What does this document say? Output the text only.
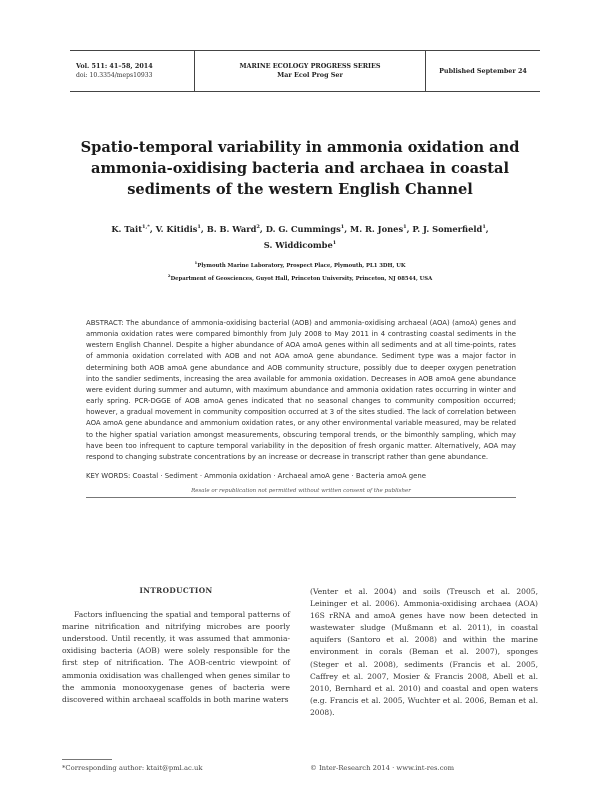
Vol. 511: 41–58, 2014
doi: 10.3354/meps10933
MARINE ECOLOGY PROGRESS SERIES
Mar Ecol Prog Ser
Published September 24
Spatio-temporal variability in ammonia oxidation and ammonia-oxidising bacteria and archaea in coastal sediments of the western English Channel
K. Tait$^{1,*}$, V. Kitidis$^1$, B. B. Ward$^2$, D. G. Cummings$^1$, M. R. Jones$^1$, P. J. Somerfield$^1$,
S. Widdicombe$^1$
$^1$Plymouth Marine Laboratory, Prospect Place, Plymouth, PL1 3DH, UK
$^2$Department of Geosciences, Guyot Hall, Princeton University, Princeton, NJ 08544, USA

ABSTRACT: The abundance of ammonia-oxidising bacterial (AOB) and ammonia-oxidising archaeal (AOA) (amoA) genes and ammonia oxidation rates were compared bimonthly from July 2008 to May 2011 in 4 contrasting coastal sediments in the western English Channel. Despite a higher abundance of AOA amoA genes within all sediments and at all time-points, rates of ammonia oxidation correlated with AOB and not AOA amoA gene abundance. Sediment type was a major factor in determining both AOB amoA gene abundance and AOB community structure, possibly due to deeper oxygen penetration into the sandier sediments, increasing the area available for ammonia oxidation. Decreases in AOB amoA gene abundance were evident during summer and autumn, with maximum abundance and ammonia oxidation rates occurring in winter and early spring. PCR-DGGE of AOB amoA genes indicated that no seasonal changes to community composition occurred; however, a gradual movement in community composition occurred at 3 of the sites studied. The lack of correlation between AOA amoA gene abundance and ammonium oxidation rates, or any other environmental variable measured, may be related to the higher spatial variation amongst measurements, obscuring temporal trends, or the bimonthly sampling, which may have been too infrequent to capture temporal variability in the deposition of fresh organic matter. Alternatively, AOA may respond to changing substrate concentrations by an increase or decrease in transcript rather than gene abundance.

KEY WORDS: Coastal · Sediment · Ammonia oxidation · Archaeal amoA gene · Bacteria amoA gene

INTRODUCTION

Factors influencing the spatial and temporal patterns of marine nitrification and nitrifying microbes are poorly understood. Until recently, it was assumed that ammonia-oxidising bacteria (AOB) were solely responsible for the first step of nitrification. The AOB-centric viewpoint of ammonia oxidisation was challenged when genes similar to the ammonia monooxygenase genes of bacteria were discovered within archaeal scaffolds in both marine waters

(Venter et al. 2004) and soils (Treusch et al. 2005, Leininger et al. 2006). Ammonia-oxidising archaea (AOA) 16S rRNA and amoA genes have now been detected in wastewater sludge (Mußmann et al. 2011), in coastal aquifers (Santoro et al. 2008) and within the marine environment in corals (Beman et al. 2007), sponges (Steger et al. 2008), sediments (Francis et al. 2005, Caffrey et al. 2007, Mosier & Francis 2008, Abell et al. 2010, Bernhard et al. 2010) and coastal and open waters (e.g. Francis et al. 2005, Wuchter et al. 2006, Beman et al. 2008).

*Corresponding author: ktait@pml.ac.uk	© Inter-Research 2014 · www.int-res.com
Resale or republication not permitted without written consent of the publisher
